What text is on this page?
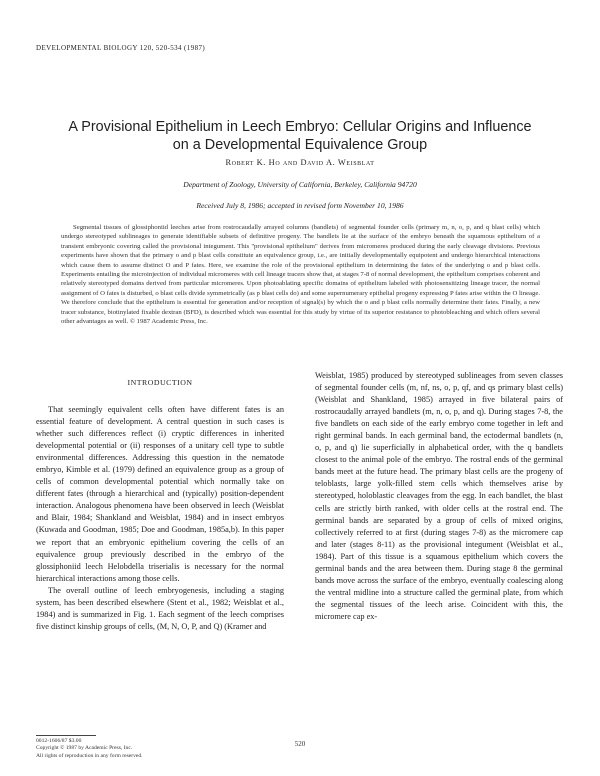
DEVELOPMENTAL BIOLOGY 120, 520-534 (1987)
A Provisional Epithelium in Leech Embryo: Cellular Origins and Influence
on a Developmental Equivalence Group
Robert K. Ho and David A. Weisblat
Department of Zoology, University of California, Berkeley, California 94720
Received July 8, 1986; accepted in revised form November 10, 1986
Segmental tissues of glossiphoniid leeches arise from rostrocaudally arrayed columns (bandlets) of segmental founder cells (primary m, n, o, p, and q blast cells) which undergo stereotyped sublineages to generate identifiable subsets of definitive progeny. The bandlets lie at the surface of the embryo beneath the squamous epithelium of a transient embryonic covering called the provisional integument. This "provisional epithelium" derives from micromeres produced during the early cleavage divisions. Previous experiments have shown that the primary o and p blast cells constitute an equivalence group, i.e., are initially developmentally equipotent and undergo hierarchical interactions which cause them to assume distinct O and P fates. Here, we examine the role of the provisional epithelium in determining the fates of the underlying o and p blast cells. Experiments entailing the microinjection of individual micromeres with cell lineage tracers show that, at stages 7-8 of normal development, the epithelium comprises coherent and relatively stereotyped domains derived from particular micromeres. Upon photoablating specific domains of epithelium labeled with photosensitizing lineage tracer, the normal assignment of O fates is disturbed, o blast cells divide symmetrically (as p blast cells do) and some supernumerary epithelial progeny expressing P fates arise within the O lineage. We therefore conclude that the epithelium is essential for generation and/or reception of signal(s) by which the o and p blast cells normally determine their fates. Finally, a new tracer substance, biotinylated fixable dextran (BFD), is described which was essential for this study by virtue of its superior resistance to photobleaching and which offers several other advantages as well. © 1987 Academic Press, Inc.
INTRODUCTION

That seemingly equivalent cells often have different fates is an essential feature of development. A central question in such cases is whether such differences reflect (i) cryptic differences in inherited developmental potential or (ii) responses of a unitary cell type to subtle environmental differences. Addressing this question in the nematode embryo, Kimble et al. (1979) defined an equivalence group as a group of cells of common developmental potential which normally take on different fates (through a hierarchical and (typically) position-dependent interaction. Analogous phenomena have been observed in leech (Weisblat and Blair, 1984; Shankland and Weisblat, 1984) and in insect embryos (Kuwada and Goodman, 1985; Doe and Goodman, 1985a,b). In this paper we report that an embryonic epithelium covering the cells of an equivalence group previously described in the embryo of the glossiphoniid leech Helobdella triserialis is necessary for the normal hierarchical interactions among those cells.

The overall outline of leech embryogenesis, including a staging system, has been described elsewhere (Stent et al., 1982; Weisblat et al., 1984) and is summarized in Fig. 1. Each segment of the leech comprises five distinct kinship groups of cells, (M, N, O, P, and Q) (Kramer and

Weisblat, 1985) produced by stereotyped sublineages from seven classes of segmental founder cells (m, nf, ns, o, p, qf, and qs primary blast cells) (Weisblat and Shankland, 1985) arrayed in five bilateral pairs of rostrocaudally arrayed bandlets (m, n, o, p, and q). During stages 7-8, the five bandlets on each side of the early embryo come together in left and right germinal bands. In each germinal band, the ectodermal bandlets (n, o, p, and q) lie superficially in alphabetical order, with the q bandlets closest to the animal pole of the embryo. The rostral ends of the germinal bands meet at the future head. The primary blast cells are the progeny of teloblasts, large yolk-filled stem cells which themselves arise by stereotyped, holoblastic cleavages from the egg. In each bandlet, the blast cells are strictly birth ranked, with older cells at the rostral end. The germinal bands are separated by a group of cells of mixed origins, collectively referred to at first (during stages 7-8) as the micromere cap and later (stages 8-11) as the provisional integument (Weisblat et al., 1984). Part of this tissue is a squamous epithelium which covers the germinal bands and the area between them. During stage 8 the germinal bands move across the surface of the embryo, eventually coalescing along the ventral midline into a structure called the germinal plate, from which the segmental tissues of the leech arise. Coincident with this, the micromere cap ex-

0012-1606/87 $3.00
Copyright © 1987 by Academic Press, Inc.
All rights of reproduction in any form reserved.
520
